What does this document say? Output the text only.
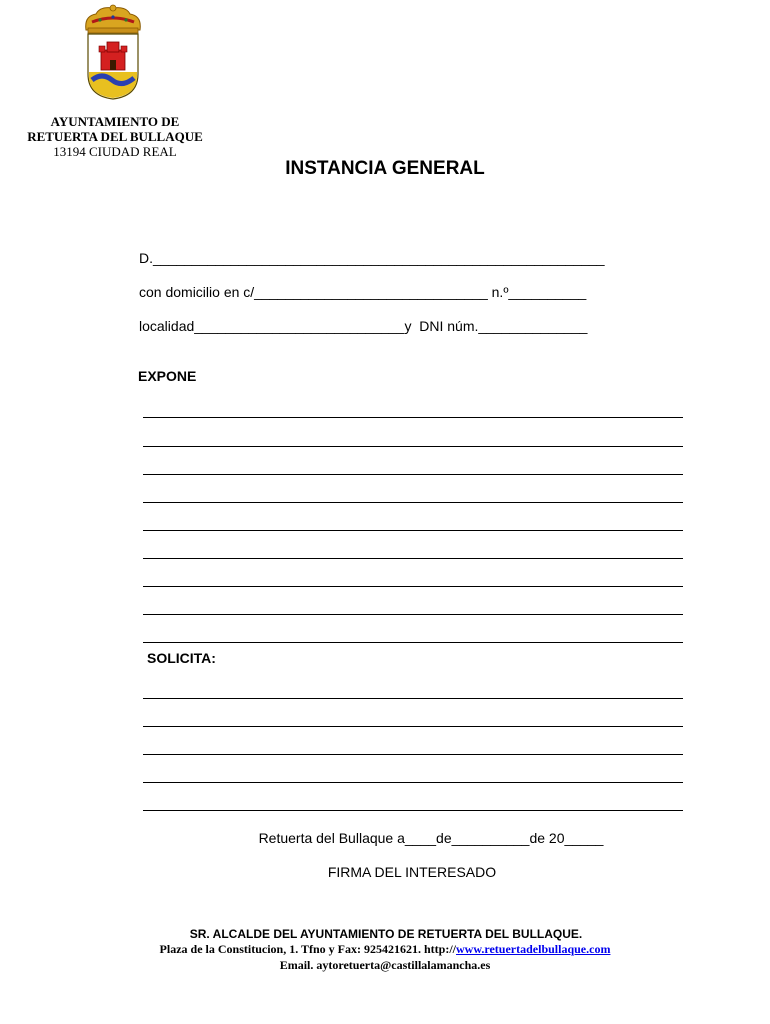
AYUNTAMIENTO DE
RETUERTA DEL BULLAQUE
13194 CIUDAD REAL
INSTANCIA GENERAL
D.__________________________________________________________
con domicilio en c/______________________________ n.º__________
localidad___________________________y  DNI núm.______________
EXPONE
SOLICITA:
Retuerta del Bullaque a____de__________de 20_____
FIRMA DEL INTERESADO
SR. ALCALDE DEL AYUNTAMIENTO DE RETUERTA DEL BULLAQUE.
Plaza de la Constitucion, 1. Tfno y Fax: 925421621. http://www.retuertadelbullaque.com
Email. aytoretuerta@castillalamancha.es
